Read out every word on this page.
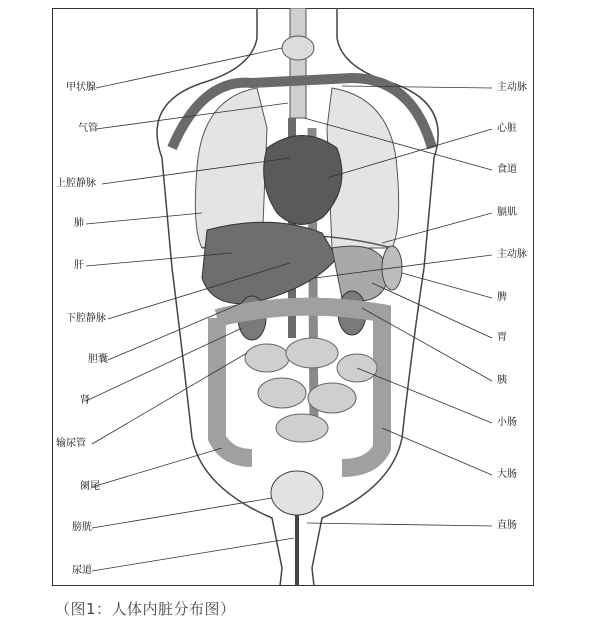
甲状腺
气管
上腔静脉
肺
肝
下腔静脉
胆囊
肾
输尿管
阑尾
膀胱
尿道
主动脉
心脏
食道
膈肌
主动脉
脾
胃
胰
小肠
大肠
直肠
（图1：人体内脏分布图）
